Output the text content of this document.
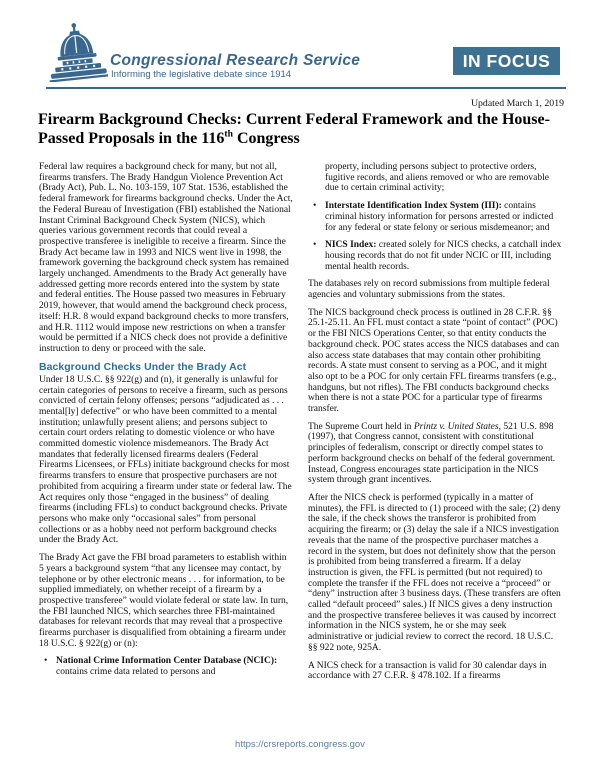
Congressional Research Service
Informing the legislative debate since 1914
IN FOCUS
Updated March 1, 2019
Firearm Background Checks: Current Federal Framework and the House-Passed Proposals in the 116th Congress

Federal law requires a background check for many, but not all, firearms transfers. The Brady Handgun Violence Prevention Act (Brady Act), Pub. L. No. 103-159, 107 Stat. 1536, established the federal framework for firearms background checks. Under the Act, the Federal Bureau of Investigation (FBI) established the National Instant Criminal Background Check System (NICS), which queries various government records that could reveal a prospective transferee is ineligible to receive a firearm. Since the Brady Act became law in 1993 and NICS went live in 1998, the framework governing the background check system has remained largely unchanged. Amendments to the Brady Act generally have addressed getting more records entered into the system by state and federal entities. The House passed two measures in February 2019, however, that would amend the background check process, itself: H.R. 8 would expand background checks to more transfers, and H.R. 1112 would impose new restrictions on when a transfer would be permitted if a NICS check does not provide a definitive instruction to deny or proceed with the sale.

Background Checks Under the Brady Act

Under 18 U.S.C. §§ 922(g) and (n), it generally is unlawful for certain categories of persons to receive a firearm, such as persons convicted of certain felony offenses; persons “adjudicated as . . . mental[ly] defective” or who have been committed to a mental institution; unlawfully present aliens; and persons subject to certain court orders relating to domestic violence or who have committed domestic violence misdemeanors. The Brady Act mandates that federally licensed firearms dealers (Federal Firearms Licensees, or FFLs) initiate background checks for most firearms transfers to ensure that prospective purchasers are not prohibited from acquiring a firearm under state or federal law. The Act requires only those “engaged in the business” of dealing firearms (including FFLs) to conduct background checks. Private persons who make only “occasional sales” from personal collections or as a hobby need not perform background checks under the Brady Act.

The Brady Act gave the FBI broad parameters to establish within 5 years a background system “that any licensee may contact, by telephone or by other electronic means . . . for information, to be supplied immediately, on whether receipt of a firearm by a prospective transferee” would violate federal or state law. In turn, the FBI launched NICS, which searches three FBI-maintained databases for relevant records that may reveal that a prospective firearms purchaser is disqualified from obtaining a firearm under 18 U.S.C. § 922(g) or (n):

• National Crime Information Center Database (NCIC): contains crime data related to persons and
property, including persons subject to protective orders, fugitive records, and aliens removed or who are removable due to certain criminal activity;
• Interstate Identification Index System (III): contains criminal history information for persons arrested or indicted for any federal or state felony or serious misdemeanor; and
• NICS Index: created solely for NICS checks, a catchall index housing records that do not fit under NCIC or III, including mental health records.

The databases rely on record submissions from multiple federal agencies and voluntary submissions from the states.

The NICS background check process is outlined in 28 C.F.R. §§ 25.1-25.11. An FFL must contact a state “point of contact” (POC) or the FBI NICS Operations Center, so that entity conducts the background check. POC states access the NICS databases and can also access state databases that may contain other prohibiting records. A state must consent to serving as a POC, and it might also opt to be a POC for only certain FFL firearms transfers (e.g., handguns, but not rifles). The FBI conducts background checks when there is not a state POC for a particular type of firearms transfer.

The Supreme Court held in Printz v. United States, 521 U.S. 898 (1997), that Congress cannot, consistent with constitutional principles of federalism, conscript or directly compel states to perform background checks on behalf of the federal government. Instead, Congress encourages state participation in the NICS system through grant incentives.

After the NICS check is performed (typically in a matter of minutes), the FFL is directed to (1) proceed with the sale; (2) deny the sale, if the check shows the transferor is prohibited from acquiring the firearm; or (3) delay the sale if a NICS investigation reveals that the name of the prospective purchaser matches a record in the system, but does not definitely show that the person is prohibited from being transferred a firearm. If a delay instruction is given, the FFL is permitted (but not required) to complete the transfer if the FFL does not receive a “proceed” or “deny” instruction after 3 business days. (These transfers are often called “default proceed” sales.) If NICS gives a deny instruction and the prospective transferee believes it was caused by incorrect information in the NICS system, he or she may seek administrative or judicial review to correct the record. 18 U.S.C. §§ 922 note, 925A.

A NICS check for a transaction is valid for 30 calendar days in accordance with 27 C.F.R. § 478.102. If a firearms

https://crsreports.congress.gov
